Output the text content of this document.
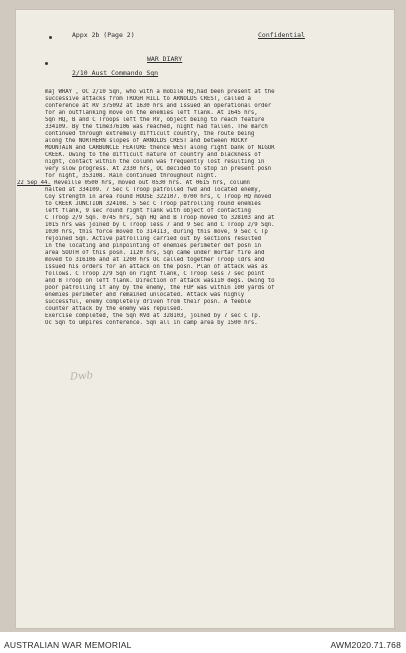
Appx 2b (Page 2)	Confidential
WAR DIARY
2/10 Aust Commando Sqn
maj WRAY , OC 2/10 Sqn, who with a mobile HQ,had been present at the
successive attacks from TROGH HILL to ARNOLDS CREST, called a
conference at RV 375092 at 1630 hrs and issued an operational order
for an outflanking move on the enemies left flank. At 1645 hrs,
Sqn HQ, B and C Troops left the RV, object being to reach feature
334109. By the time376106 was reached, night had fallen. The march
continued through extremely difficult country, the route being
along the NORTHERN slopes of ARNOLDS CREST and between ROCKY
MOUNTAIN and CARBUNCLE FEATURE thence WEST along right bank of NIGOR
CREEK. Owing to the difficult nature of country and blackness of
night, contact within the column was frequently lost resulting in
very slow progress. At 2330 hrs, OC decided to stop in present posn
for night, 353108. Rain continued throughout night.
22 Sep 44. Reveille 0500 hrs, moved out 0530 hrs. At 0615 hrs, column
halted at 334109. 7 Sec C Troop patrolled fwd and located enemy,
Coy strength in area round HOUSE 322107. 0700 hrs, C Troop HQ moved
to CREEK JUNCTION 324108. 5 Sec C Troop patrolling round enemies
left flank, 9 sec round right flank with object of contacting
C Troop 2/9 Sqn. 0745 hrs, Sqn HQ and B Troop moved to 328103 and at
1015 hrs was joined by C Troop less 7 and 9 Sec and C Troop 2/9 Sqn.
1030 hrs, this force moved to 314113, during this move, 9 Sec C Tp
rejoined Sqn. Active patrolling carried out by sections resulted
in the locating and pinpointing of enemies perimeter def posn in
area SOUTH of this posn. 1120 hrs, Sqn came under mortar fire and
moved to 316106 and at 1200 hrs OC called together Troop ldrs and
issued his orders for an attack on the posn. Plan of attack was as
follows. C Troop 2/9 Sqn on right flank, C Troop less 7 sec point
and B Troop on left flank. Direction of attack was110 degs. Owing to
poor patrolling if any by the enemy, the FUP was within 100 yards of
enemies perimeter and remained unlocated. Attack was highly
successful, enemy completely driven from their posn. A feeble
counter attack by the enemy was repulsed.
Exercise completed, the Sqn RVd at 328103, joined by 7 sec C Tp.
Oc Sqn to umpires conference. Sqn all in camp area by 1500 hrs.
Dwb
AUSTRALIAN WAR MEMORIAL	AWM2020.71.768
